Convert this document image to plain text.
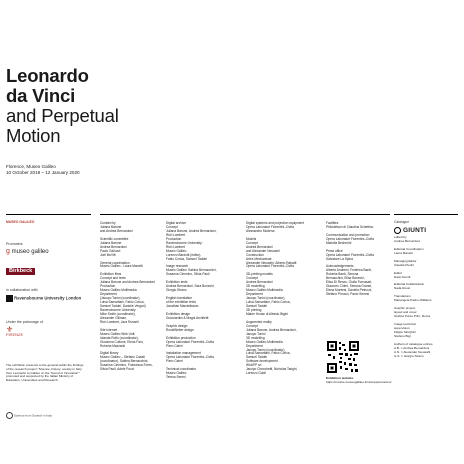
Leonardo
da Vinci
and Perpetual
Motion
Florence, Museo Galileo
10 October 2019 – 12 January 2020
MUSEO GALILEO
Promoters
g museo galileo
Birkbeck
in collaboration with
Ravensbourne University London
Under the patronage of
⚜
FIRENZE
The exhibition presents to the general public the findings of the research project "Science, history, society in Italy: from Leonardo to Galileo on the 'hound of Innovation'" promoted and supported by the Italian Ministry of Education, Universities and Research.
Science from Scratch in Italy
Curated by
Juliana Barone
and Andrea Bernardoni

Scientific committee
Juliana Barone
Andrea Bernardoni
Paolo Galluzzi
Joel McVitt

General coordination
Museo Galileo - Laura Manetti

Exhibition films
Concept and texts
Juliana Barone and Andrea Bernardoni
Production
Museo Galileo Multimedia
Department
(Jacopo Tonini (coordinator),
Luisa Samaritani, Fabio Corica,
Samuel Taddei, Daniele Vergari)
Ravensbourne University
Mike Smith (coordinator),
Alexander Gillman,
Rich Lambert, Jazz Russell

Site Internet
Museo Galileo Web Unit:
Iolanda Rolfo (coordinator),
Giovanna Cultone, Elena Fani,
Roberta Mazzanti

Digital library
Museo Galileo – Stefano Casati
(coordinator), Sabina Bernacchini,
Susanna Cimmino, Francesca Fores,
Silvia Paoli, Adele Pocci
Digital archive
Concept
Juliana Barone, Andrea Bernardoni,
Rich Lambert
Production
Ravensbourne University:
Rich Lambert
Museo Galileo
Lorenzo Bardotti (editor),
Fabio Corica, Samuel Taddei

Image research
Museo Galileo: Sabina Bernacchini,
Susanna Cimmino, Silvia Paoli

Exhibition texts
Andrea Bernardoni, Sara Bonechi,
Giorgio Strano

English translation
of the exhibition texts
Jonathan Mandelbaum

Exhibition design
Guicciardini & Magni Architetti

Graphic design
RovaiWeber design

Exhibition production
Opera Laboratori Fiorentini–Civita
Piero Caleri

Installation management
Opera Laboratori Fiorentini–Civita
Piero Caleri

Technical coordinator
Museo Galileo
Teresa Sereni
Digital systems and projection equipment
Opera Laboratori Fiorentini–Civita
Alessandro Modena

Models
Concept
Andrea Bernardoni
and Alexander Neuwahl
Construction
Artes Mechanicae
Alexander Neuwahl, Alberto Rabatti
Opera Laboratori Fiorentini–Civita

3D-printing models
Concept
Andrea Bernardoni
3D modelling
Museo Galileo Multimedia
Department
Jacopo Tonini (coordinator),
Luisa Samaritani, Fabio Corica,
Samuel Taddei
3D printing
Maker House di Alessio Bigini

Augmented reality
Concept
Juliana Barone, Andrea Bernardoni,
Jacopo Tonini
3D modelling
Museo Galileo Multimedia
Department
Jacopo Tonini (coordinator),
Luisa Samaritani, Fabio Corica,
Samuel Taddei
Software development
WhAPP srl
Jacopo Checchetti, Nicholas Tarighi,
Lorenzo Guidi
Facilities
Philodelson di Claudius Schettino

Communication and promotion
Opera Laboratori Fiorentini–Civita
Mariella Becherini

Press office
Opera Laboratori Fiorentini–Civita
Salvatore La Spina

Acknowledgements
Alberto Andreini, Federica Bardi,
Roberta Bardi, Simona
Bernacchini, Elisa Bonechi,
Elisa Di Renzo, Giulia Fornasari,
Giacomo Chieri, Simona Grandi,
Elena Montesi, Daniela Petrucci,
Stefano Pirrucci, Paolo Senesi
Exhibition website
https://mostre.museogalileo.it/motoperpetuo/en/
Catalogue
GIUNTI
edited by
Andrea Bernardoni

Editorial Coordination
Laura Manetti

Managing Editor
Claudia Pierini

Editor
Dario Dondi

Editorial Collaboration
Nada Rossi

Translations
Mariangela Patino-Williams

Graphic project,
layout and cover
Grafica Punto Print, Roma

Image technical
supervision
Filippo Morghini
Stefano Bigi

Authors of catalogue entries
A.B. = Andrea Bernardoni
A.N. = Alexander Neuwahl
G.S. = Giorgio Strano
